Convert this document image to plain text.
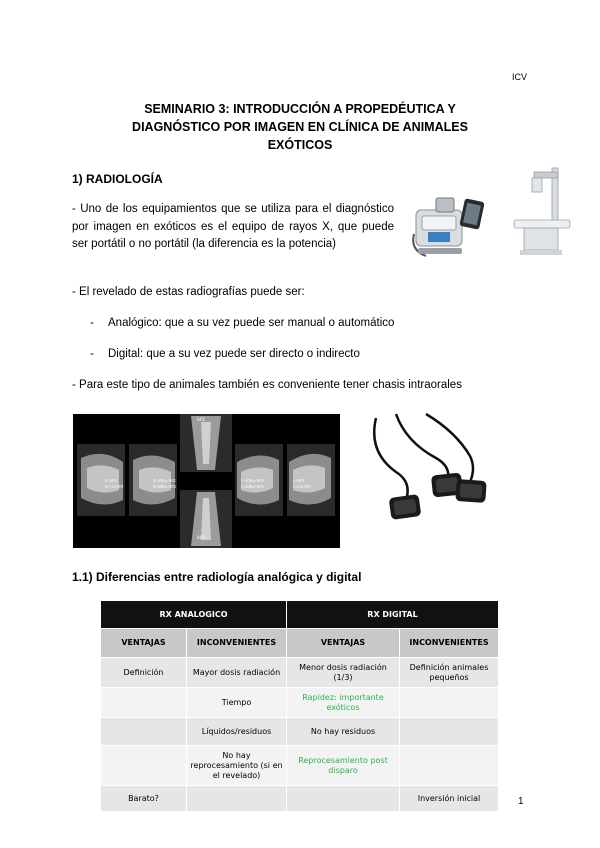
ICV
SEMINARIO 3: INTRODUCCIÓN A PROPEDÉUTICA Y DIAGNÓSTICO POR IMAGEN EN CLÍNICA DE ANIMALES EXÓTICOS
1) RADIOLOGÍA
- Uno de los equipamientos que se utiliza para el diagnóstico por imagen en exóticos es el equipo de rayos X, que puede ser portátil o no portátil (la diferencia es la potencia)
- El revelado de estas radiografías puede ser:
- Analógico: que a su vez puede ser manual o automático
- Digital: que a su vez puede ser directo o indirecto
- Para este tipo de animales también es conveniente tener chasis intraorales
MX
MN
R-MN
R-Cd-MN
R-40Ro-MX
R-40Ro-MN
L-40Ro-MX
L-40Ro-MN
L-MN
L-Cd-MN
1.1) Diferencias entre radiología analógica y digital
RX ANALOGICO		RX DIGITAL	
VENTAJAS	INCONVENIENTES	VENTAJAS	INCONVENIENTES
Definición	Mayor dosis radiación	Menor dosis radiación (1/3)	Definición animales pequeños
	Tiempo	Rapidez: importante exóticos	
	Líquidos/residuos	No hay residuos	
	No hay reprocesamiento (si en el revelado)	Reprocesamiento post disparo	
Barato?			Inversión inicial	1
